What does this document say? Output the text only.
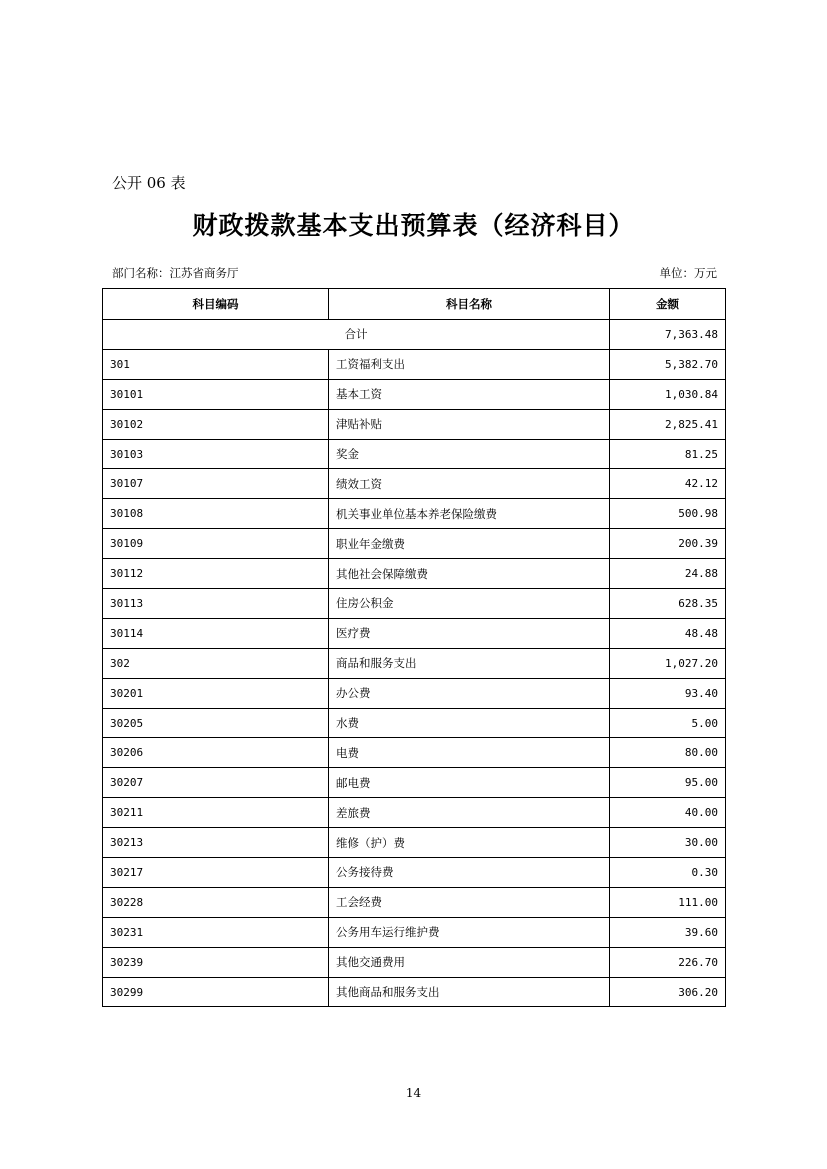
公开 06 表
财政拨款基本支出预算表（经济科目）
部门名称：江苏省商务厅	单位：万元
科目编码	科目名称	金额
合计		7,363.48
301	工资福利支出	5,382.70
30101	基本工资	1,030.84
30102	津贴补贴	2,825.41
30103	奖金	81.25
30107	绩效工资	42.12
30108	机关事业单位基本养老保险缴费	500.98
30109	职业年金缴费	200.39
30112	其他社会保障缴费	24.88
30113	住房公积金	628.35
30114	医疗费	48.48
302	商品和服务支出	1,027.20
30201	办公费	93.40
30205	水费	5.00
30206	电费	80.00
30207	邮电费	95.00
30211	差旅费	40.00
30213	维修（护）费	30.00
30217	公务接待费	0.30
30228	工会经费	111.00
30231	公务用车运行维护费	39.60
30239	其他交通费用	226.70
30299	其他商品和服务支出	306.20
14
